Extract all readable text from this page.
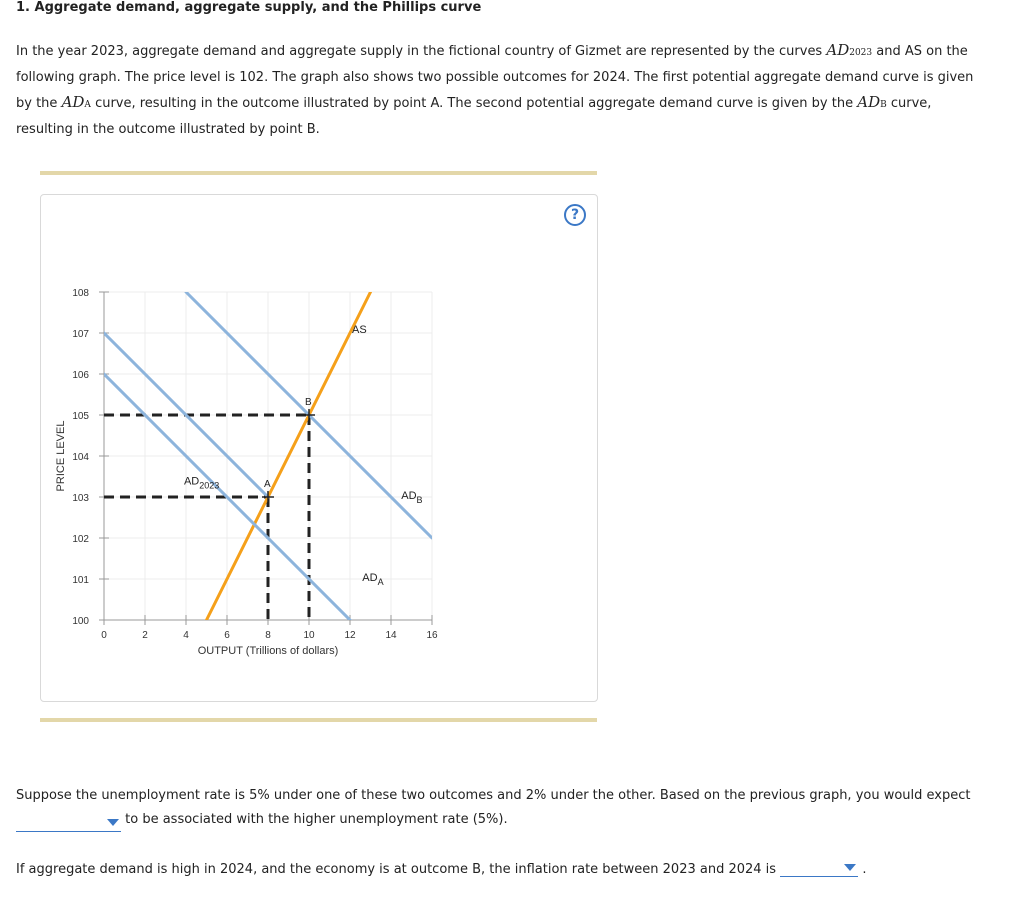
1. Aggregate demand, aggregate supply, and the Phillips curve
In the year 2023, aggregate demand and aggregate supply in the fictional country of Gizmet are represented by the curves AD2023 and AS on the following graph. The price level is 102. The graph also shows two possible outcomes for 2024. The first potential aggregate demand curve is given by the ADA curve, resulting in the outcome illustrated by point A. The second potential aggregate demand curve is given by the ADB curve, resulting in the outcome illustrated by point B.
?
0	2	4	6	8	10	12	14	16
100
101
102
103
104
105
106
107
108
OUTPUT (Trillions of dollars)
PRICE LEVEL	A
B
AS
$AD_{2023}$
$AD_A$
$AD_B$
Suppose the unemployment rate is 5% under one of these two outcomes and 2% under the other. Based on the previous graph, you would expect

to be associated with the higher unemployment rate (5%).
If aggregate demand is high in 2024, and the economy is at outcome B, the inflation rate between 2023 and 2024 is	.
